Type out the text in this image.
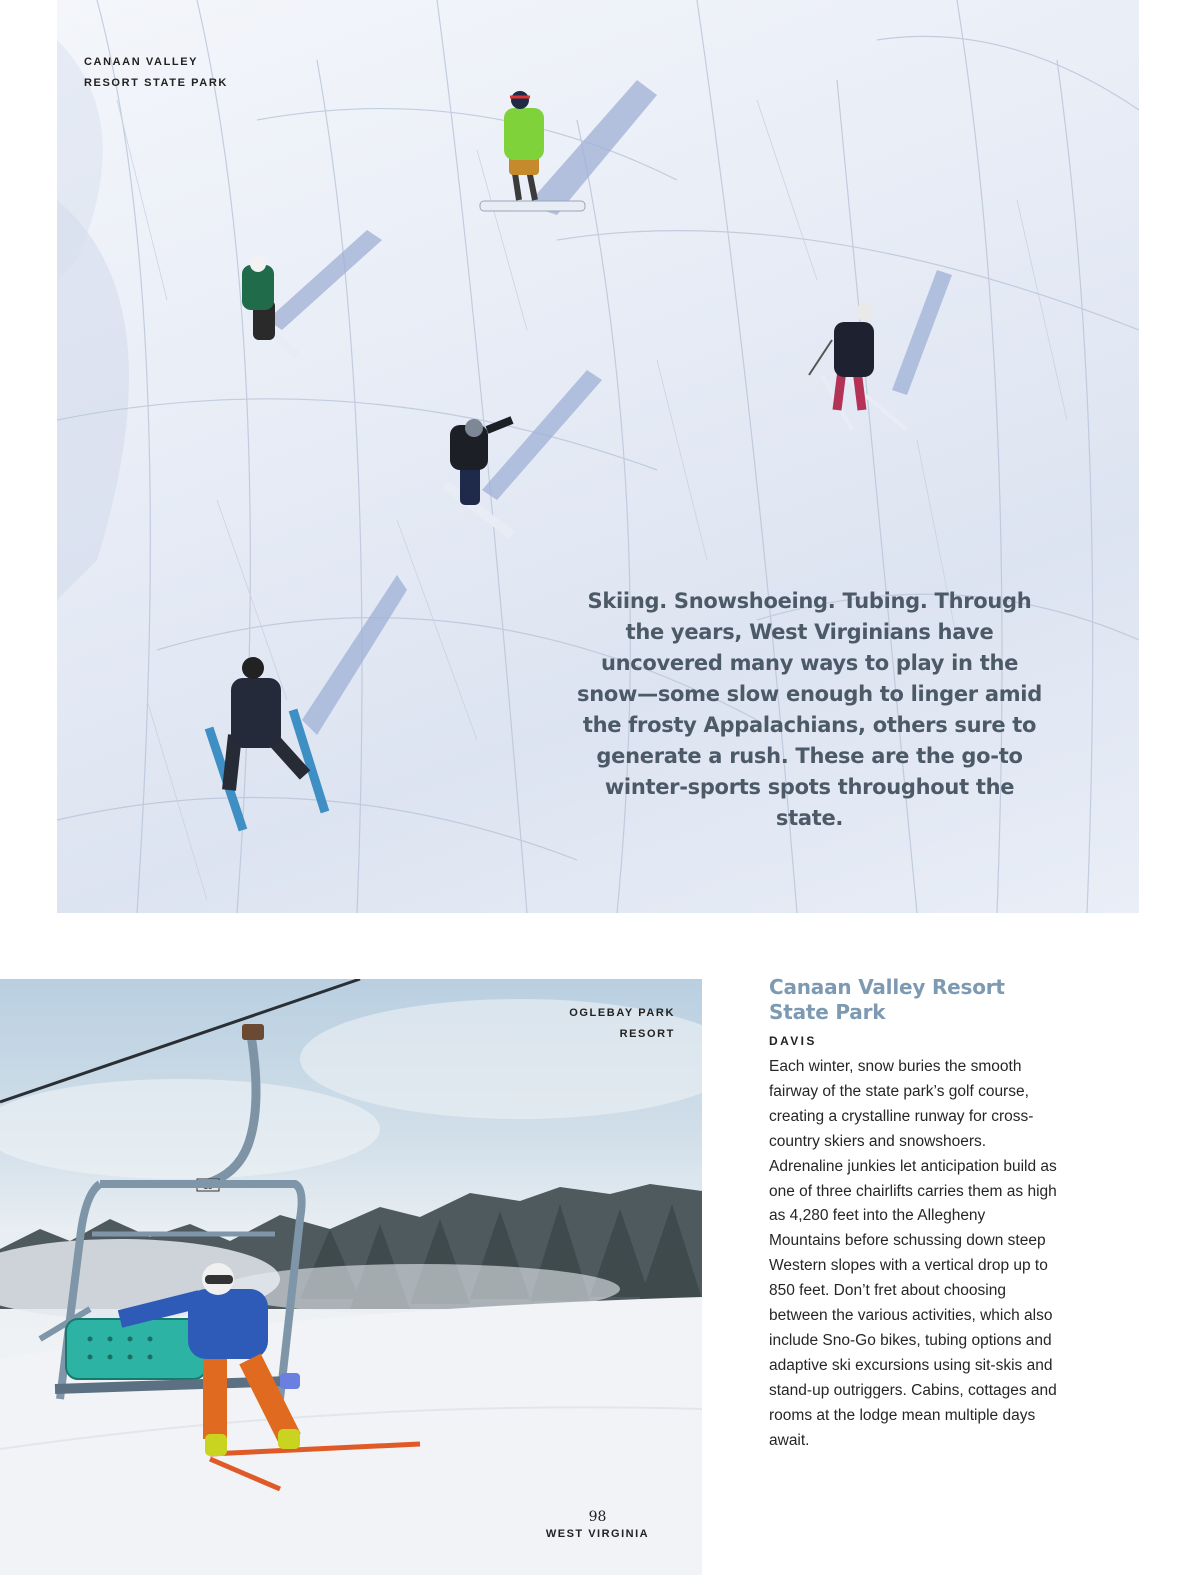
CANAAN VALLEY
RESORT STATE PARK
Skiing. Snowshoeing. Tubing. Through the years, West Virginians have uncovered many ways to play in the snow—some slow enough to linger amid the frosty Appalachians, others sure to generate a rush. These are the go-to winter-sports spots throughout the state.
13
OGLEBAY PARK
RESORT
98
WEST VIRGINIA
Canaan Valley Resort State Park
DAVIS

Each winter, snow buries the smooth fairway of the state park’s golf course, creating a crystalline runway for cross-country skiers and snowshoers. Adrenaline junkies let anticipation build as one of three chairlifts carries them as high as 4,280 feet into the Allegheny Mountains before schussing down steep Western slopes with a vertical drop up to 850 feet. Don’t fret about choosing between the various activities, which also include Sno-Go bikes, tubing options and adaptive ski excursions using sit-skis and stand-up outriggers. Cabins, cottages and rooms at the lodge mean multiple days await.
